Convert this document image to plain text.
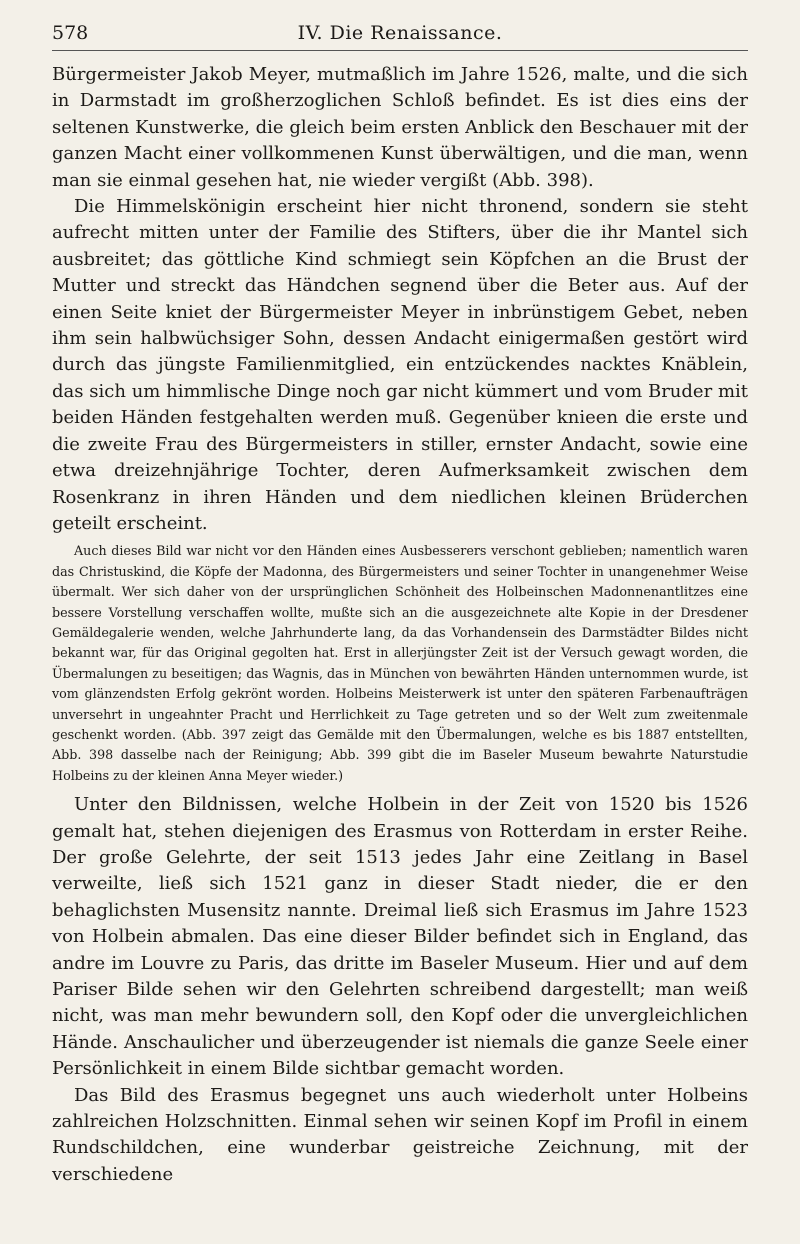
578	IV. Die Renaissance.

Bürgermeister Jakob Meyer, mutmaßlich im Jahre 1526, malte, und die sich in Darmstadt im großherzoglichen Schloß befindet. Es ist dies eins der seltenen Kunstwerke, die gleich beim ersten Anblick den Beschauer mit der ganzen Macht einer vollkommenen Kunst überwältigen, und die man, wenn man sie einmal gesehen hat, nie wieder vergißt (Abb. 398).

Die Himmelskönigin erscheint hier nicht thronend, sondern sie steht aufrecht mitten unter der Familie des Stifters, über die ihr Mantel sich ausbreitet; das göttliche Kind schmiegt sein Köpfchen an die Brust der Mutter und streckt das Händchen segnend über die Beter aus. Auf der einen Seite kniet der Bürgermeister Meyer in inbrünstigem Gebet, neben ihm sein halbwüchsiger Sohn, dessen Andacht einigermaßen gestört wird durch das jüngste Familienmitglied, ein entzückendes nacktes Knäblein, das sich um himmlische Dinge noch gar nicht kümmert und vom Bruder mit beiden Händen festgehalten werden muß. Gegenüber knieen die erste und die zweite Frau des Bürgermeisters in stiller, ernster Andacht, sowie eine etwa dreizehnjährige Tochter, deren Aufmerksamkeit zwischen dem Rosenkranz in ihren Händen und dem niedlichen kleinen Brüderchen geteilt erscheint.

Auch dieses Bild war nicht vor den Händen eines Ausbesserers verschont geblieben; namentlich waren das Christuskind, die Köpfe der Madonna, des Bürgermeisters und seiner Tochter in unangenehmer Weise übermalt. Wer sich daher von der ursprünglichen Schönheit des Holbeinschen Madonnenantlitzes eine bessere Vorstellung verschaffen wollte, mußte sich an die ausgezeichnete alte Kopie in der Dresdener Gemäldegalerie wenden, welche Jahrhunderte lang, da das Vorhandensein des Darmstädter Bildes nicht bekannt war, für das Original gegolten hat. Erst in allerjüngster Zeit ist der Versuch gewagt worden, die Übermalungen zu beseitigen; das Wagnis, das in München von bewährten Händen unternommen wurde, ist vom glänzendsten Erfolg gekrönt worden. Holbeins Meisterwerk ist unter den späteren Farbenaufträgen unversehrt in ungeahnter Pracht und Herrlichkeit zu Tage getreten und so der Welt zum zweitenmale geschenkt worden. (Abb. 397 zeigt das Gemälde mit den Übermalungen, welche es bis 1887 entstellten, Abb. 398 dasselbe nach der Reinigung; Abb. 399 gibt die im Baseler Museum bewahrte Naturstudie Holbeins zu der kleinen Anna Meyer wieder.)

Unter den Bildnissen, welche Holbein in der Zeit von 1520 bis 1526 gemalt hat, stehen diejenigen des Erasmus von Rotterdam in erster Reihe. Der große Gelehrte, der seit 1513 jedes Jahr eine Zeitlang in Basel verweilte, ließ sich 1521 ganz in dieser Stadt nieder, die er den behaglichsten Musensitz nannte. Dreimal ließ sich Erasmus im Jahre 1523 von Holbein abmalen. Das eine dieser Bilder befindet sich in England, das andre im Louvre zu Paris, das dritte im Baseler Museum. Hier und auf dem Pariser Bilde sehen wir den Gelehrten schreibend dargestellt; man weiß nicht, was man mehr bewundern soll, den Kopf oder die unvergleichlichen Hände. Anschaulicher und überzeugender ist niemals die ganze Seele einer Persönlichkeit in einem Bilde sichtbar gemacht worden.

Das Bild des Erasmus begegnet uns auch wiederholt unter Holbeins zahlreichen Holzschnitten. Einmal sehen wir seinen Kopf im Profil in einem Rundschildchen, eine wunderbar geistreiche Zeichnung, mit der verschiedene
